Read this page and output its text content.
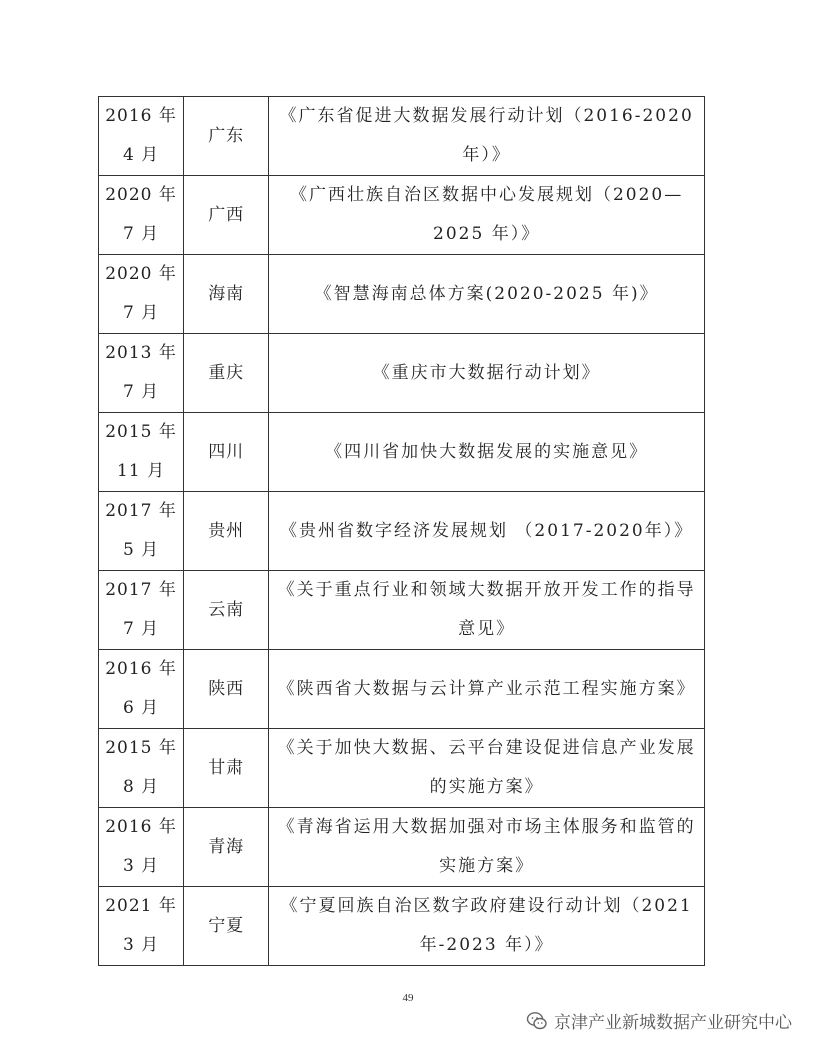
2016 年
4 月	广东	《广东省促进大数据发展行动计划（2016-2020年）》

2020 年
7 月	广西	《广西壮族自治区数据中心发展规划（2020—2025 年）》

2020 年
7 月	海南	《智慧海南总体方案(2020-2025 年)》

2013 年
7 月	重庆	《重庆市大数据行动计划》

2015 年
11 月	四川	《四川省加快大数据发展的实施意见》

2017 年
5 月	贵州	《贵州省数字经济发展规划 （2017-2020年）》

2017 年
7 月	云南	《关于重点行业和领域大数据开放开发工作的指导意见》

2016 年
6 月	陕西	《陕西省大数据与云计算产业示范工程实施方案》

2015 年
8 月	甘肃	《关于加快大数据、云平台建设促进信息产业发展的实施方案》

2016 年
3 月	青海	《青海省运用大数据加强对市场主体服务和监管的实施方案》

2021 年
3 月	宁夏	《宁夏回族自治区数字政府建设行动计划（2021年-2023 年）》
49
京津产业新城数据产业研究中心
